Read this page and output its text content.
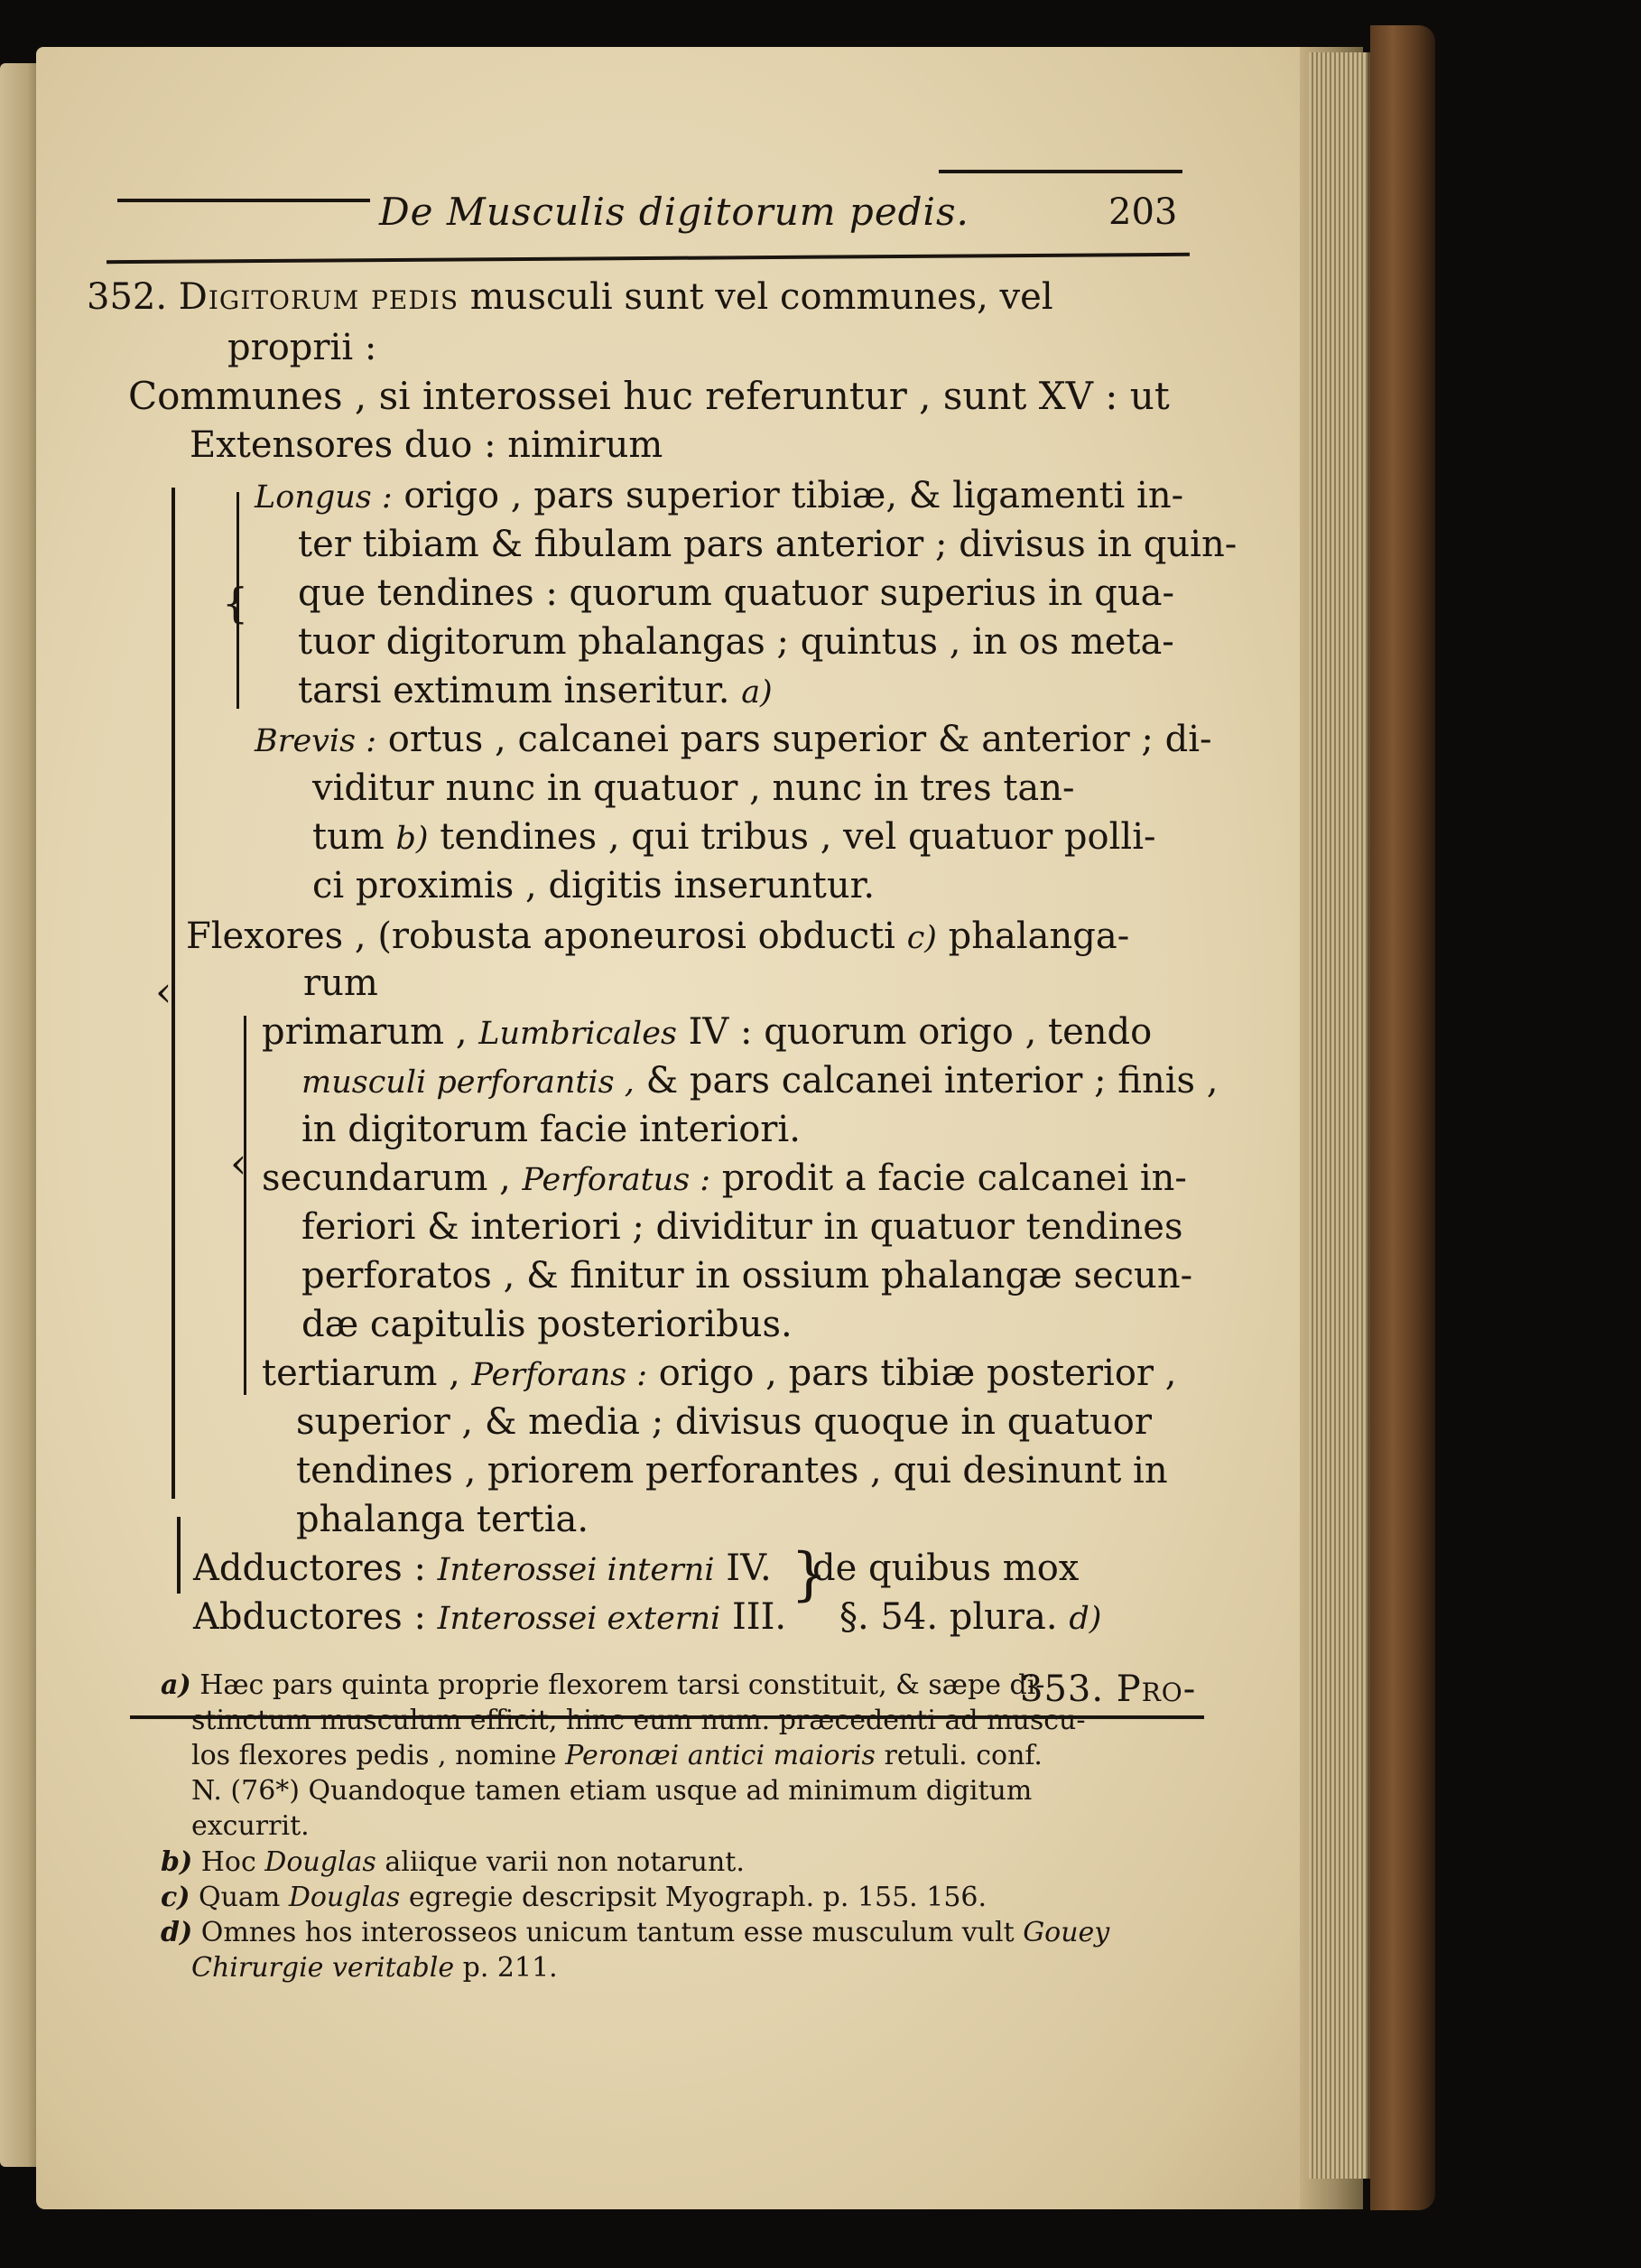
De Musculis digitorum pedis.	203
352. Digitorum pedis musculi sunt vel communes, vel
proprii :
Communes , si interossei huc referuntur , sunt XV : ut
Extensores duo : nimirum
Longus : origo , pars superior tibiæ, & ligamenti in-
ter tibiam & fibulam pars anterior ; divisus in quin-
que tendines : quorum quatuor superius in qua-
tuor digitorum phalangas ; quintus , in os meta-
tarsi extimum inseritur. a)
Brevis : ortus , calcanei pars superior & anterior ; di-
viditur nunc in quatuor , nunc in tres tan-
tum b) tendines , qui tribus , vel quatuor polli-
ci proximis , digitis inseruntur.
Flexores , (robusta aponeurosi obducti c) phalanga-
rum
primarum , Lumbricales IV : quorum origo , tendo
musculi perforantis , & pars calcanei interior ; finis ,
in digitorum facie interiori.
secundarum , Perforatus : prodit a facie calcanei in-
feriori & interiori ; dividitur in quatuor tendines
perforatos , & finitur in ossium phalangæ secun-
dæ capitulis posterioribus.
tertiarum , Perforans : origo , pars tibiæ posterior ,
superior , & media ; divisus quoque in quatuor
tendines , priorem perforantes , qui desinunt in
phalanga tertia.
Adductores : Interossei interni IV.
Abductores : Interossei externi III.
de quibus mox
§. 54. plura. d)
353. Pro-
‹
{
‹
}
a) Hæc pars quinta proprie flexorem tarsi constituit, & sæpe di-
stinctum musculum efficit, hinc eum num. præcedenti ad muscu-
los flexores pedis , nomine Peronæi antici maioris retuli. conf.
N. (76*) Quandoque tamen etiam usque ad minimum digitum
excurrit.
b) Hoc Douglas aliique varii non notarunt.
c) Quam Douglas egregie descripsit Myograph. p. 155. 156.
d) Omnes hos interosseos unicum tantum esse musculum vult Gouey
Chirurgie veritable p. 211.
